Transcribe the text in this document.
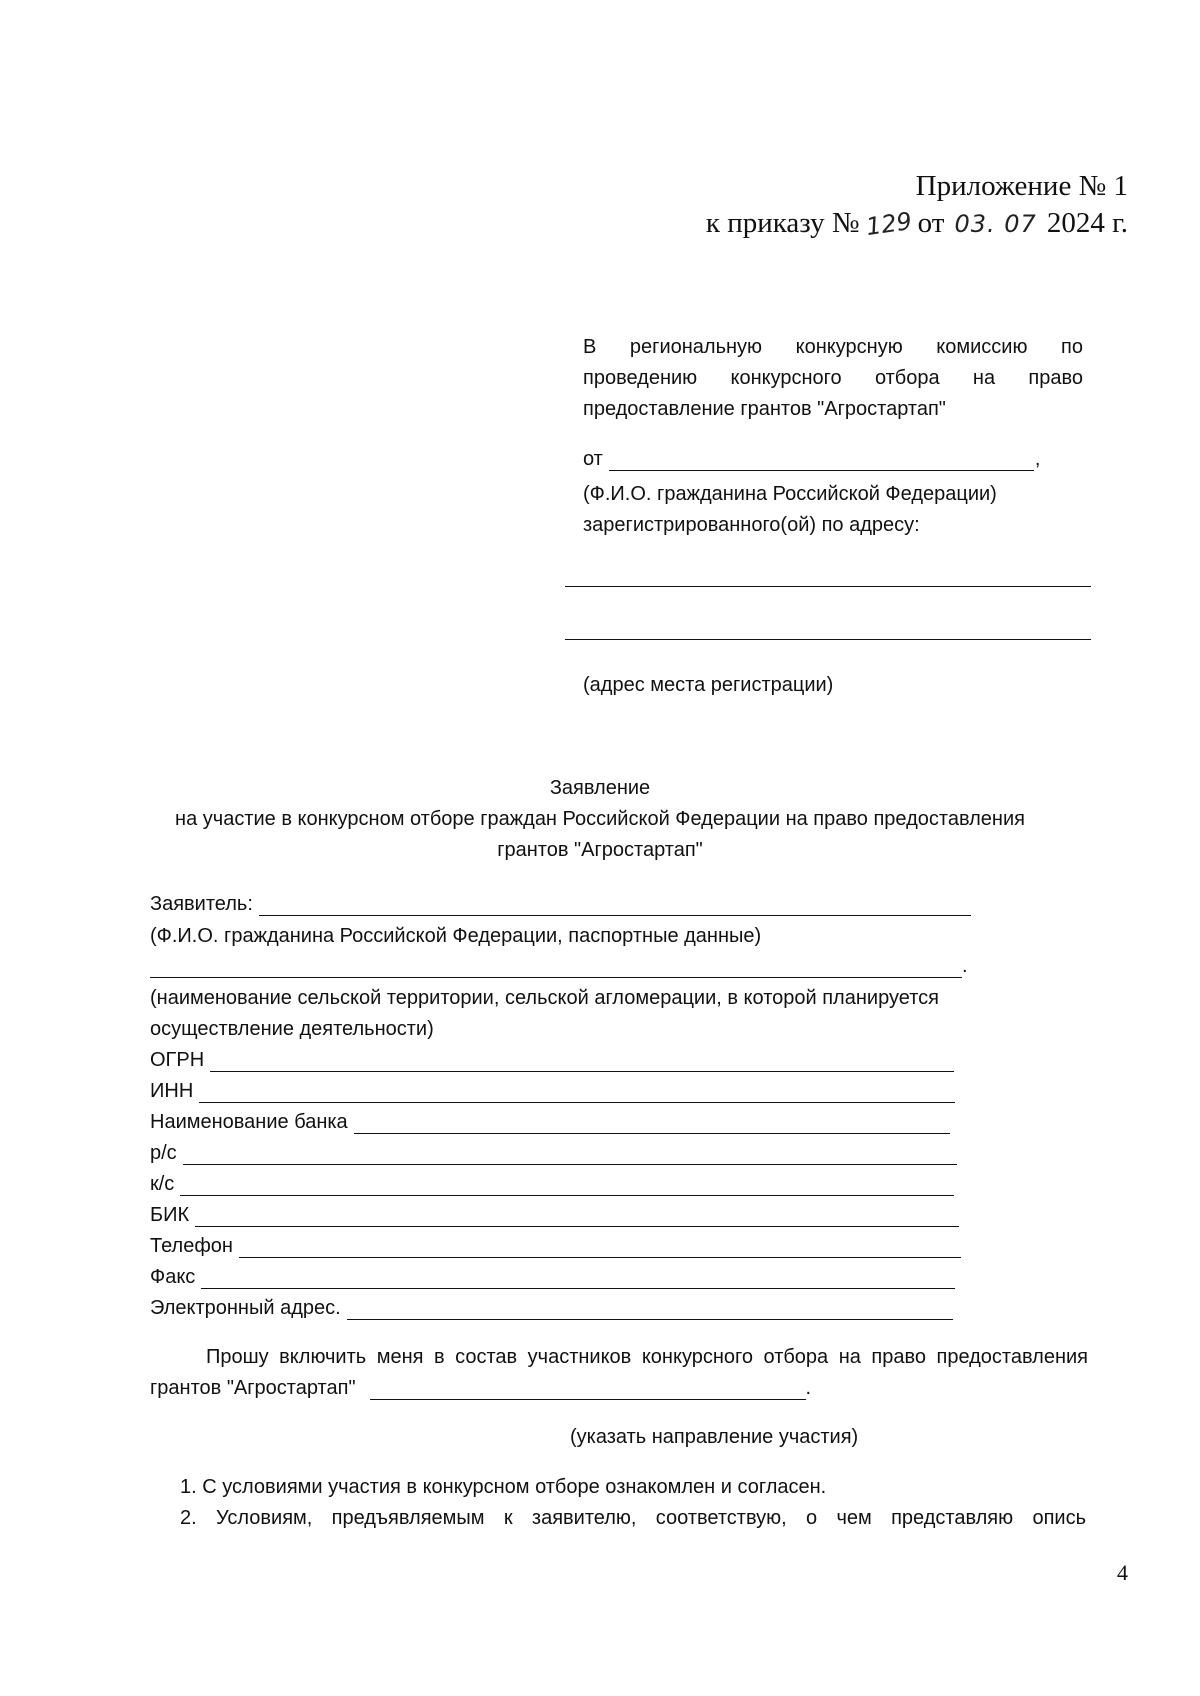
Приложение № 1
к приказу № 129 от 03. 07 2024 г.
В региональную конкурсную комиссию по проведению конкурсного отбора на право предоставление грантов "Агростартап"
от	,
(Ф.И.О. гражданина Российской Федерации)
зарегистрированного(ой) по адресу:
(адрес места регистрации)
Заявление
на участие в конкурсном отборе граждан Российской Федерации на право предоставления
грантов "Агростартап"
Заявитель:
(Ф.И.О. гражданина Российской Федерации, паспортные данные)
.
(наименование сельской территории, сельской агломерации, в которой планируется
осуществление деятельности)
ОГРН
ИНН
Наименование банка
р/с
к/с
БИК
Телефон
Факс
Электронный адрес.
Прошу включить меня в состав участников конкурсного отбора на право предоставления
грантов "Агростартап"	.
(указать направление участия)
1. С условиями участия в конкурсном отборе ознакомлен и согласен.
2. Условиям, предъявляемым к заявителю, соответствую, о чем представляю опись
4
